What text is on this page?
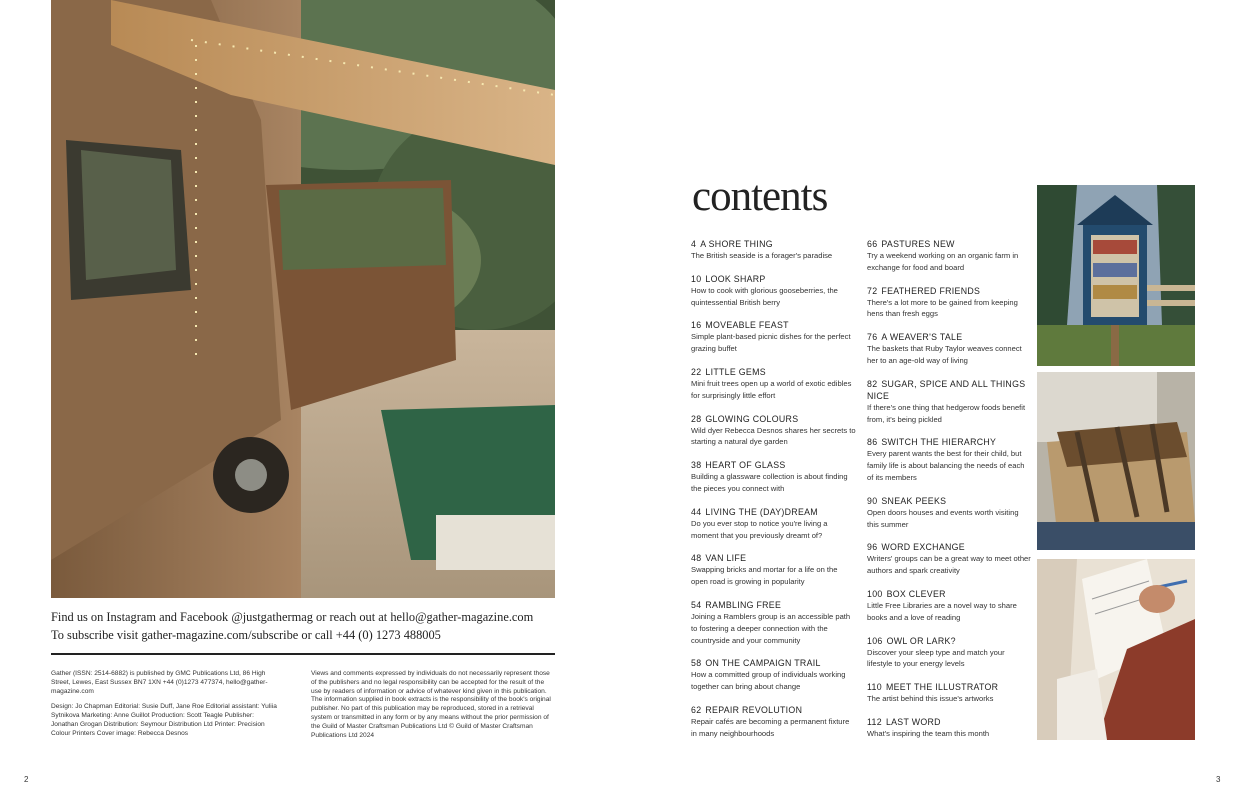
Find us on Instagram and Facebook @justgathermag or reach out at hello@gather-magazine.com
To subscribe visit gather-magazine.com/subscribe or call +44 (0) 1273 488005

Gather (ISSN: 2514-6882) is published by GMC Publications Ltd, 86 High Street, Lewes, East Sussex BN7 1XN +44 (0)1273 477374, hello@gather-magazine.com

Design: Jo Chapman Editorial: Susie Duff, Jane Roe Editorial assistant: Yuliia Sytnikova Marketing: Anne Guillot Production: Scott Teagle Publisher: Jonathan Grogan Distribution: Seymour Distribution Ltd Printer: Precision Colour Printers Cover image: Rebecca Desnos

Views and comments expressed by individuals do not necessarily represent those of the publishers and no legal responsibility can be accepted for the result of the use by readers of information or advice of whatever kind given in this publication. The information supplied in book extracts is the responsibility of the book's original publisher. No part of this publication may be reproduced, stored in a retrieval system or transmitted in any form or by any means without the prior permission of the Guild of Master Craftsman Publications Ltd © Guild of Master Craftsman Publications Ltd 2024

2
contents
4 A SHORE THING
The British seaside is a forager's paradise
10 LOOK SHARP
How to cook with glorious gooseberries, the quintessential British berry
16 MOVEABLE FEAST
Simple plant-based picnic dishes for the perfect grazing buffet
22 LITTLE GEMS
Mini fruit trees open up a world of exotic edibles for surprisingly little effort
28 GLOWING COLOURS
Wild dyer Rebecca Desnos shares her secrets to starting a natural dye garden
38 HEART OF GLASS
Building a glassware collection is about finding the pieces you connect with
44 LIVING THE (DAY)DREAM
Do you ever stop to notice you're living a moment that you previously dreamt of?
48 VAN LIFE
Swapping bricks and mortar for a life on the open road is growing in popularity
54 RAMBLING FREE
Joining a Ramblers group is an accessible path to fostering a deeper connection with the countryside and your community
58 ON THE CAMPAIGN TRAIL
How a committed group of individuals working together can bring about change
62 REPAIR REVOLUTION
Repair cafés are becoming a permanent fixture in many neighbourhoods
66 PASTURES NEW
Try a weekend working on an organic farm in exchange for food and board
72 FEATHERED FRIENDS
There's a lot more to be gained from keeping hens than fresh eggs
76 A WEAVER'S TALE
The baskets that Ruby Taylor weaves connect her to an age-old way of living
82 SUGAR, SPICE AND ALL THINGS NICE
If there's one thing that hedgerow foods benefit from, it's being pickled
86 SWITCH THE HIERARCHY
Every parent wants the best for their child, but family life is about balancing the needs of each of its members
90 SNEAK PEEKS
Open doors houses and events worth visiting this summer
96 WORD EXCHANGE
Writers' groups can be a great way to meet other authors and spark creativity
100 BOX CLEVER
Little Free Libraries are a novel way to share books and a love of reading
106 OWL OR LARK?
Discover your sleep type and match your lifestyle to your energy levels
110 MEET THE ILLUSTRATOR
The artist behind this issue's artworks
112 LAST WORD
What's inspiring the team this month
3
